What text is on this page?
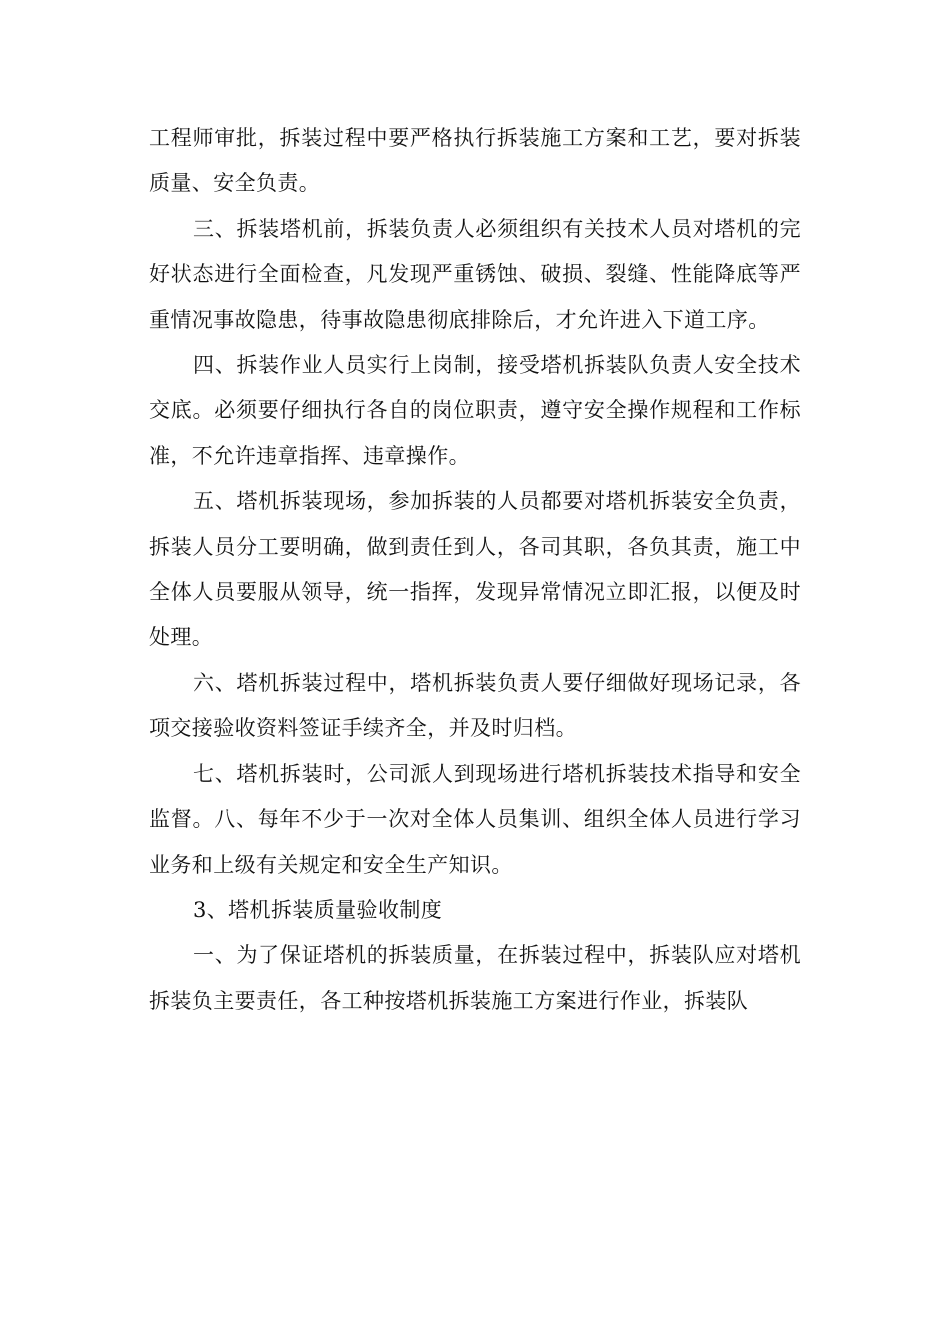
工程师审批，拆装过程中要严格执行拆装施工方案和工艺，要对拆装质量、安全负责。

三、拆装塔机前，拆装负责人必须组织有关技术人员对塔机的完好状态进行全面检查，凡发现严重锈蚀、破损、裂缝、性能降底等严重情况事故隐患，待事故隐患彻底排除后，才允许进入下道工序。

四、拆装作业人员实行上岗制，接受塔机拆装队负责人安全技术交底。必须要仔细执行各自的岗位职责，遵守安全操作规程和工作标准，不允许违章指挥、违章操作。

五、塔机拆装现场，参加拆装的人员都要对塔机拆装安全负责，拆装人员分工要明确，做到责任到人，各司其职，各负其责，施工中全体人员要服从领导，统一指挥，发现异常情况立即汇报，以便及时处理。

六、塔机拆装过程中，塔机拆装负责人要仔细做好现场记录，各项交接验收资料签证手续齐全，并及时归档。

七、塔机拆装时，公司派人到现场进行塔机拆装技术指导和安全监督。八、每年不少于一次对全体人员集训、组织全体人员进行学习业务和上级有关规定和安全生产知识。

3、塔机拆装质量验收制度

一、为了保证塔机的拆装质量，在拆装过程中，拆装队应对塔机拆装负主要责任，各工种按塔机拆装施工方案进行作业，拆装队
